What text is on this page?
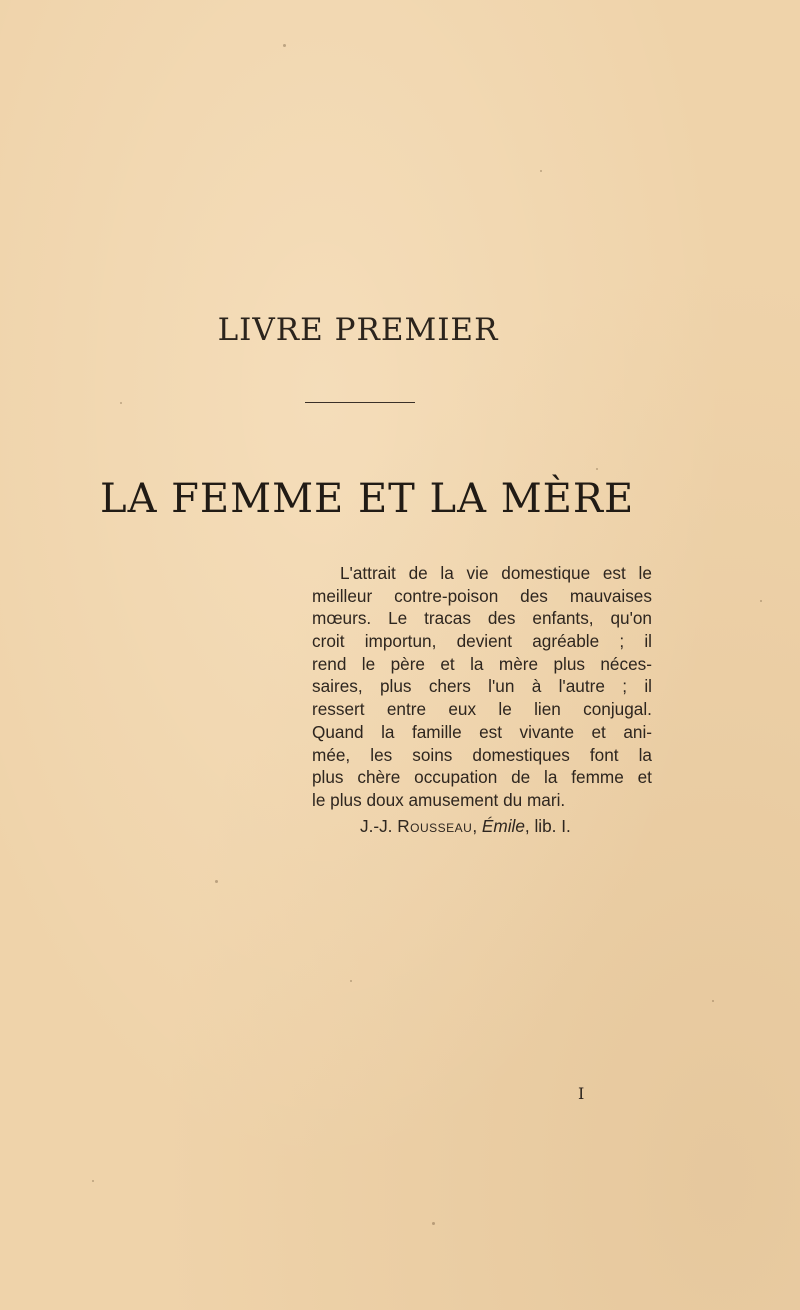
LIVRE PREMIER
LA FEMME ET LA MÈRE
L'attrait de la vie domestique est le
meilleur contre-poison des mauvaises
mœurs. Le tracas des enfants, qu'on
croit importun, devient agréable ; il
rend le père et la mère plus néces-
saires, plus chers l'un à l'autre ; il
ressert entre eux le lien conjugal.
Quand la famille est vivante et ani-
mée, les soins domestiques font la
plus chère occupation de la femme et
le plus doux amusement du mari.
J.-J. Rousseau, Émile, lib. I.
I
